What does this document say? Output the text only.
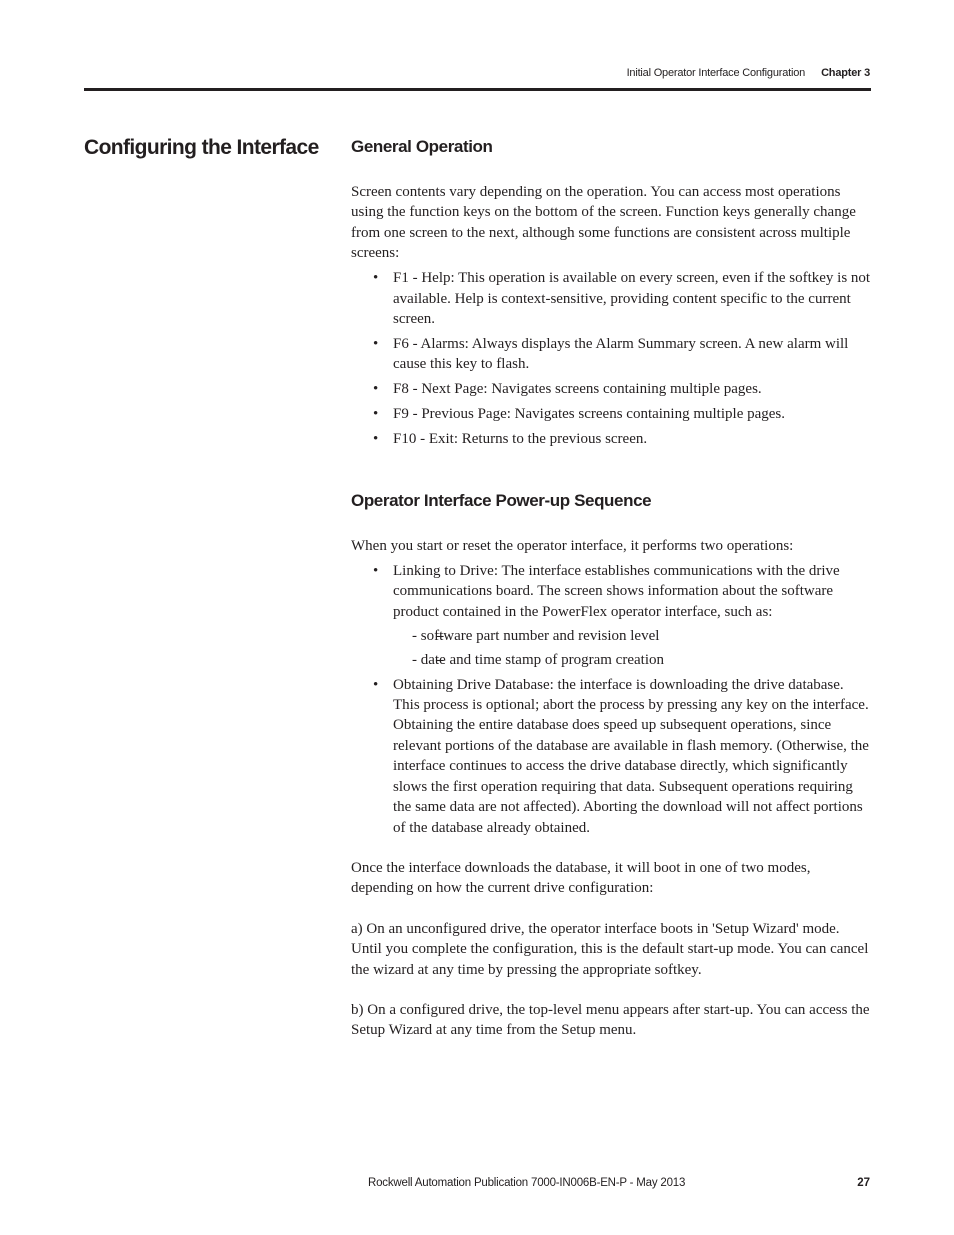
Initial Operator Interface Configuration Chapter 3
Configuring the Interface General Operation

Screen contents vary depending on the operation. You can access most operations using the function keys on the bottom of the screen. Function keys generally change from one screen to the next, although some functions are consistent across multiple screens:

• F1 - Help: This operation is available on every screen, even if the softkey is not available. Help is context-sensitive, providing content specific to the current screen.
• F6 - Alarms: Always displays the Alarm Summary screen. A new alarm will cause this key to flash.
• F8 - Next Page: Navigates screens containing multiple pages.
• F9 - Previous Page: Navigates screens containing multiple pages.
• F10 - Exit: Returns to the previous screen.
Operator Interface Power-up Sequence

When you start or reset the operator interface, it performs two operations:

• Linking to Drive: The interface establishes communications with the drive communications board. The screen shows information about the software product contained in the PowerFlex operator interface, such as:
– - software part number and revision level
– - date and time stamp of program creation
• Obtaining Drive Database: the interface is downloading the drive database. This process is optional; abort the process by pressing any key on the interface. Obtaining the entire database does speed up subsequent operations, since relevant portions of the database are available in flash memory. (Otherwise, the interface continues to access the drive database directly, which significantly slows the first operation requiring that data. Subsequent operations requiring the same data are not affected). Aborting the download will not affect portions of the database already obtained.

Once the interface downloads the database, it will boot in one of two modes, depending on how the current drive configuration:

a) On an unconfigured drive, the operator interface boots in 'Setup Wizard' mode. Until you complete the configuration, this is the default start-up mode. You can cancel the wizard at any time by pressing the appropriate softkey.

b) On a configured drive, the top-level menu appears after start-up. You can access the Setup Wizard at any time from the Setup menu.

Rockwell Automation Publication 7000-IN006B-EN-P - May 2013	27
